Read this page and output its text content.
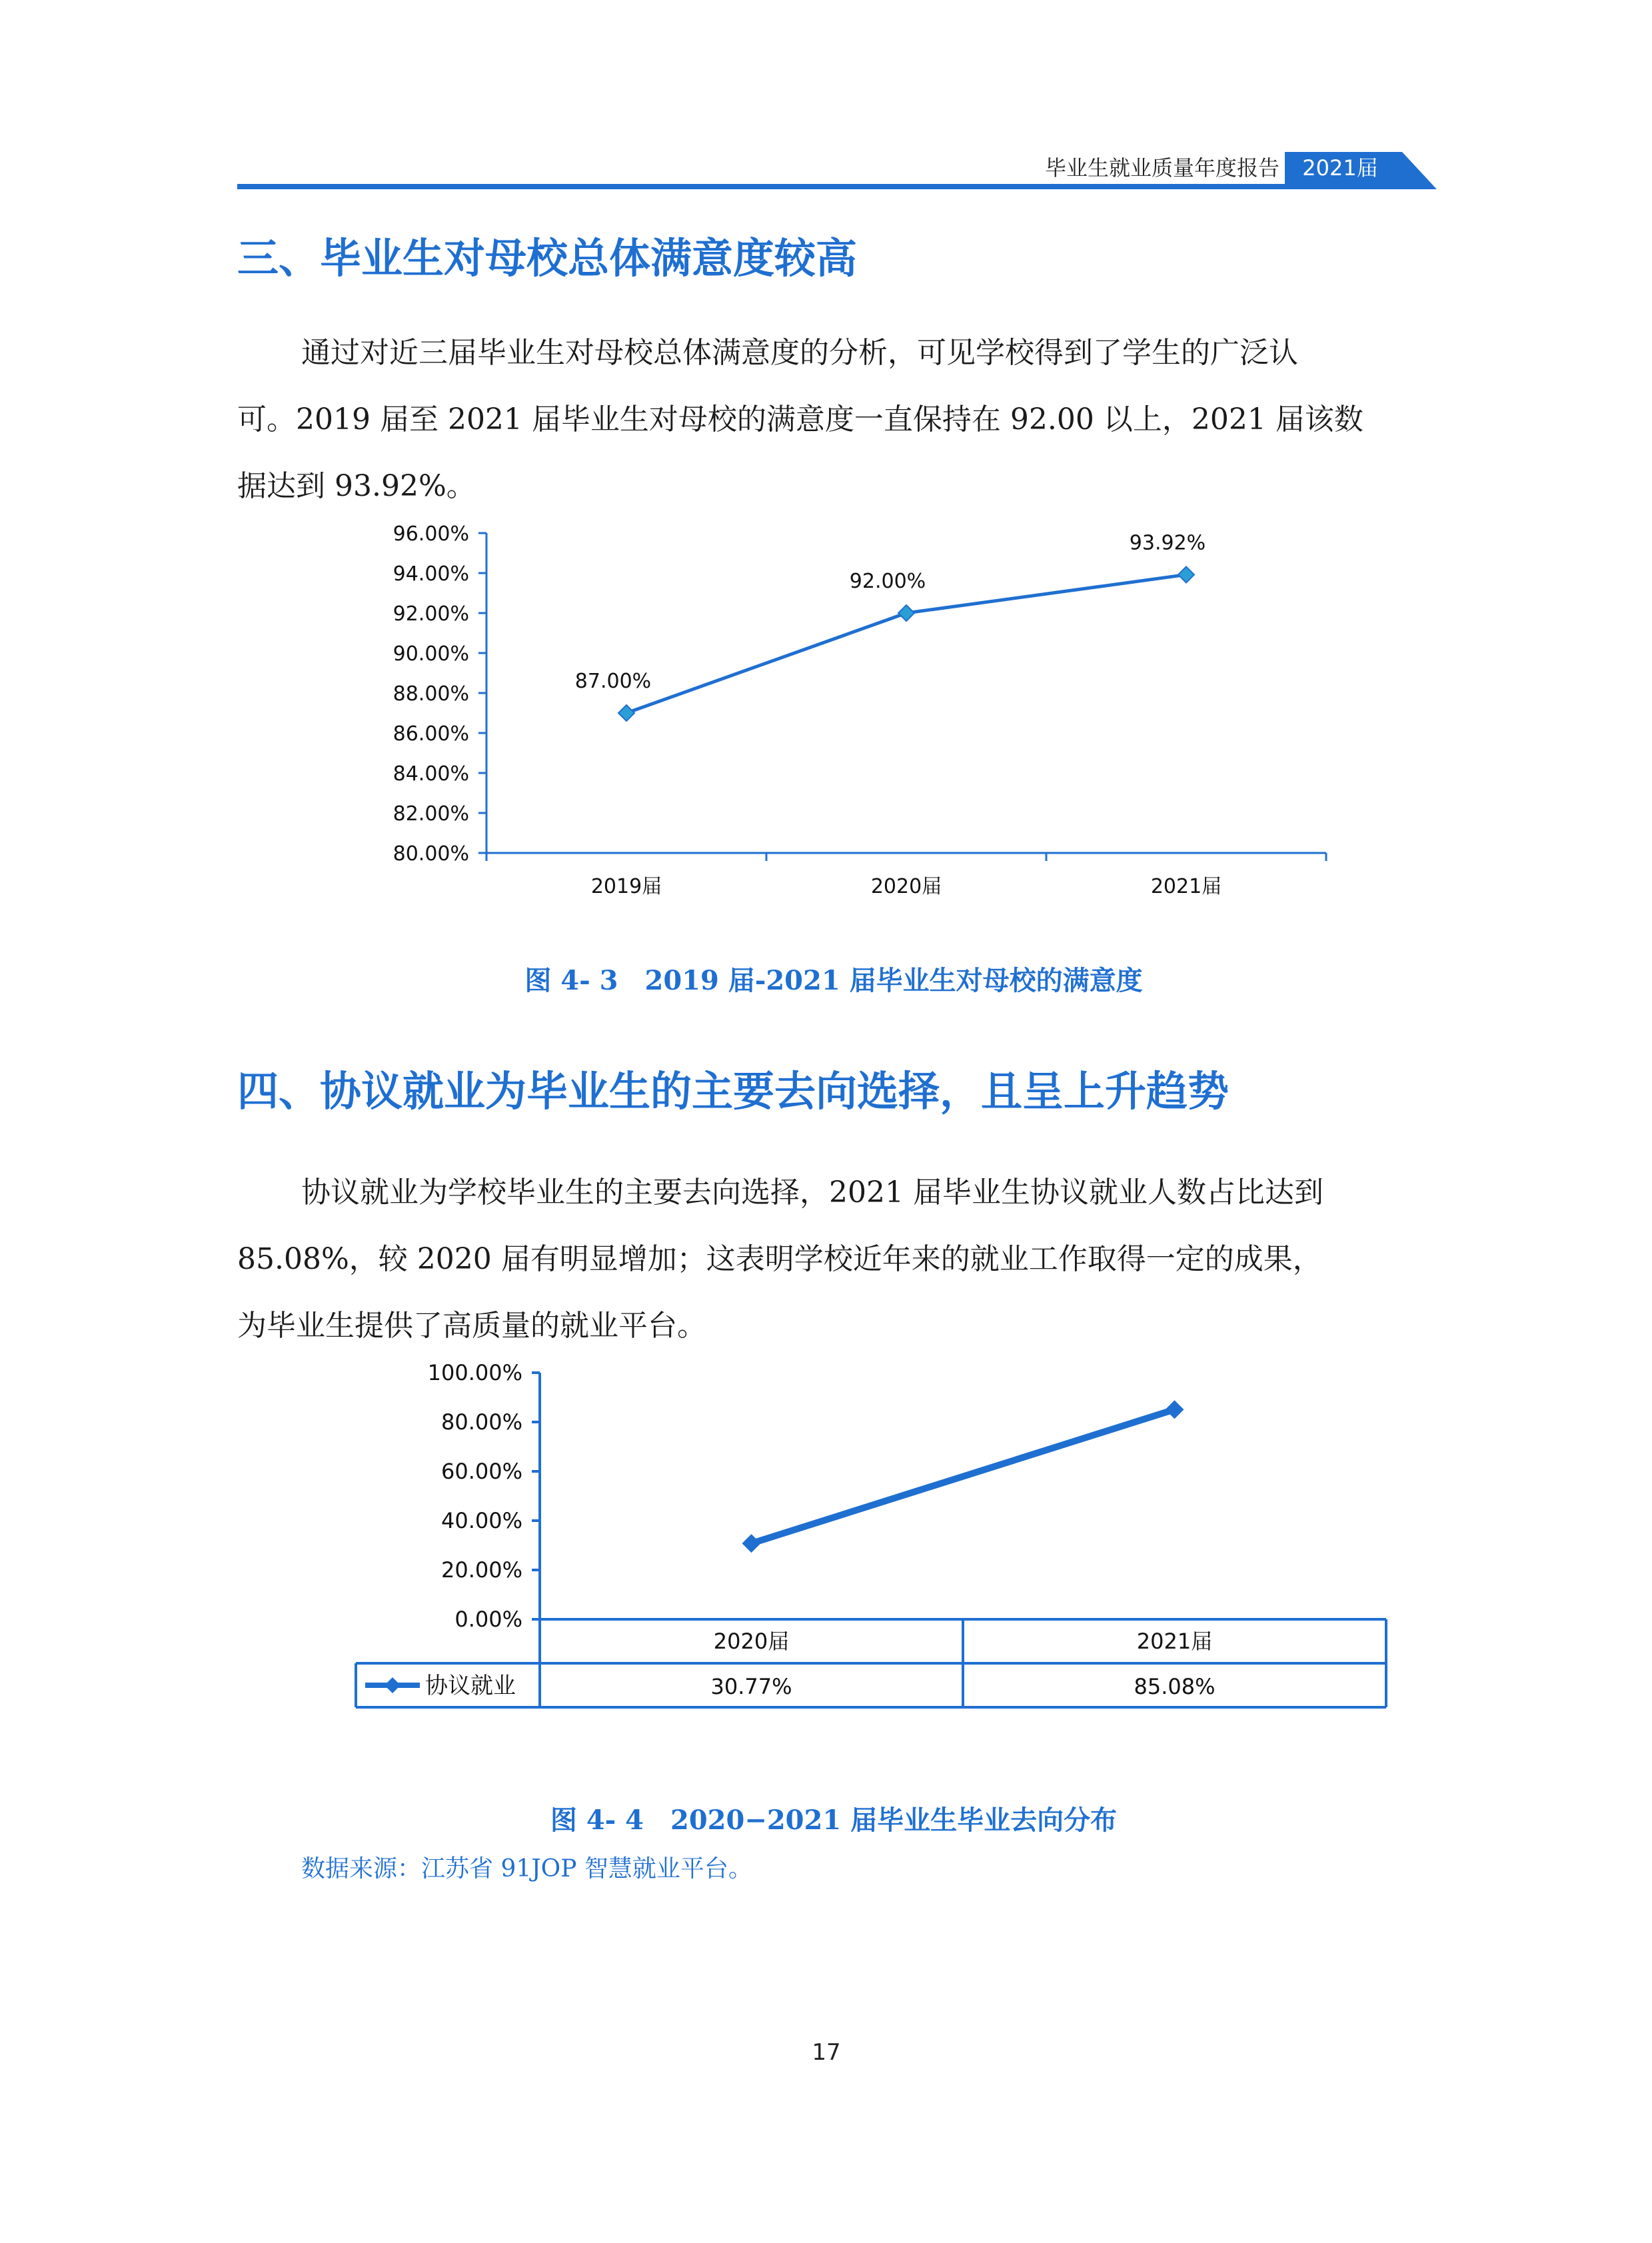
毕业生就业质量年度报告	2021届
三、毕业生对母校总体满意度较高
通过对近三届毕业生对母校总体满意度的分析，可见学校得到了学生的广泛认
可。2019 届至 2021 届毕业生对母校的满意度一直保持在 92.00 以上，2021 届该数
据达到 93.92%。
80.00%
82.00%
84.00%
86.00%
88.00%
90.00%
92.00%
94.00%
96.00%
2019届	2020届	2021届
87.00%
92.00%
93.92%
图 4- 3　2019 届-2021 届毕业生对母校的满意度
四、协议就业为毕业生的主要去向选择，且呈上升趋势
协议就业为学校毕业生的主要去向选择，2021 届毕业生协议就业人数占比达到
85.08%，较 2020 届有明显增加；这表明学校近年来的就业工作取得一定的成果，
为毕业生提供了高质量的就业平台。
0.00%
20.00%
40.00%
60.00%
80.00%
100.00%
2020届	2021届
30.77%	85.08%
协议就业
图 4- 4　2020−2021 届毕业生毕业去向分布
数据来源：江苏省 91JOP 智慧就业平台。
17
